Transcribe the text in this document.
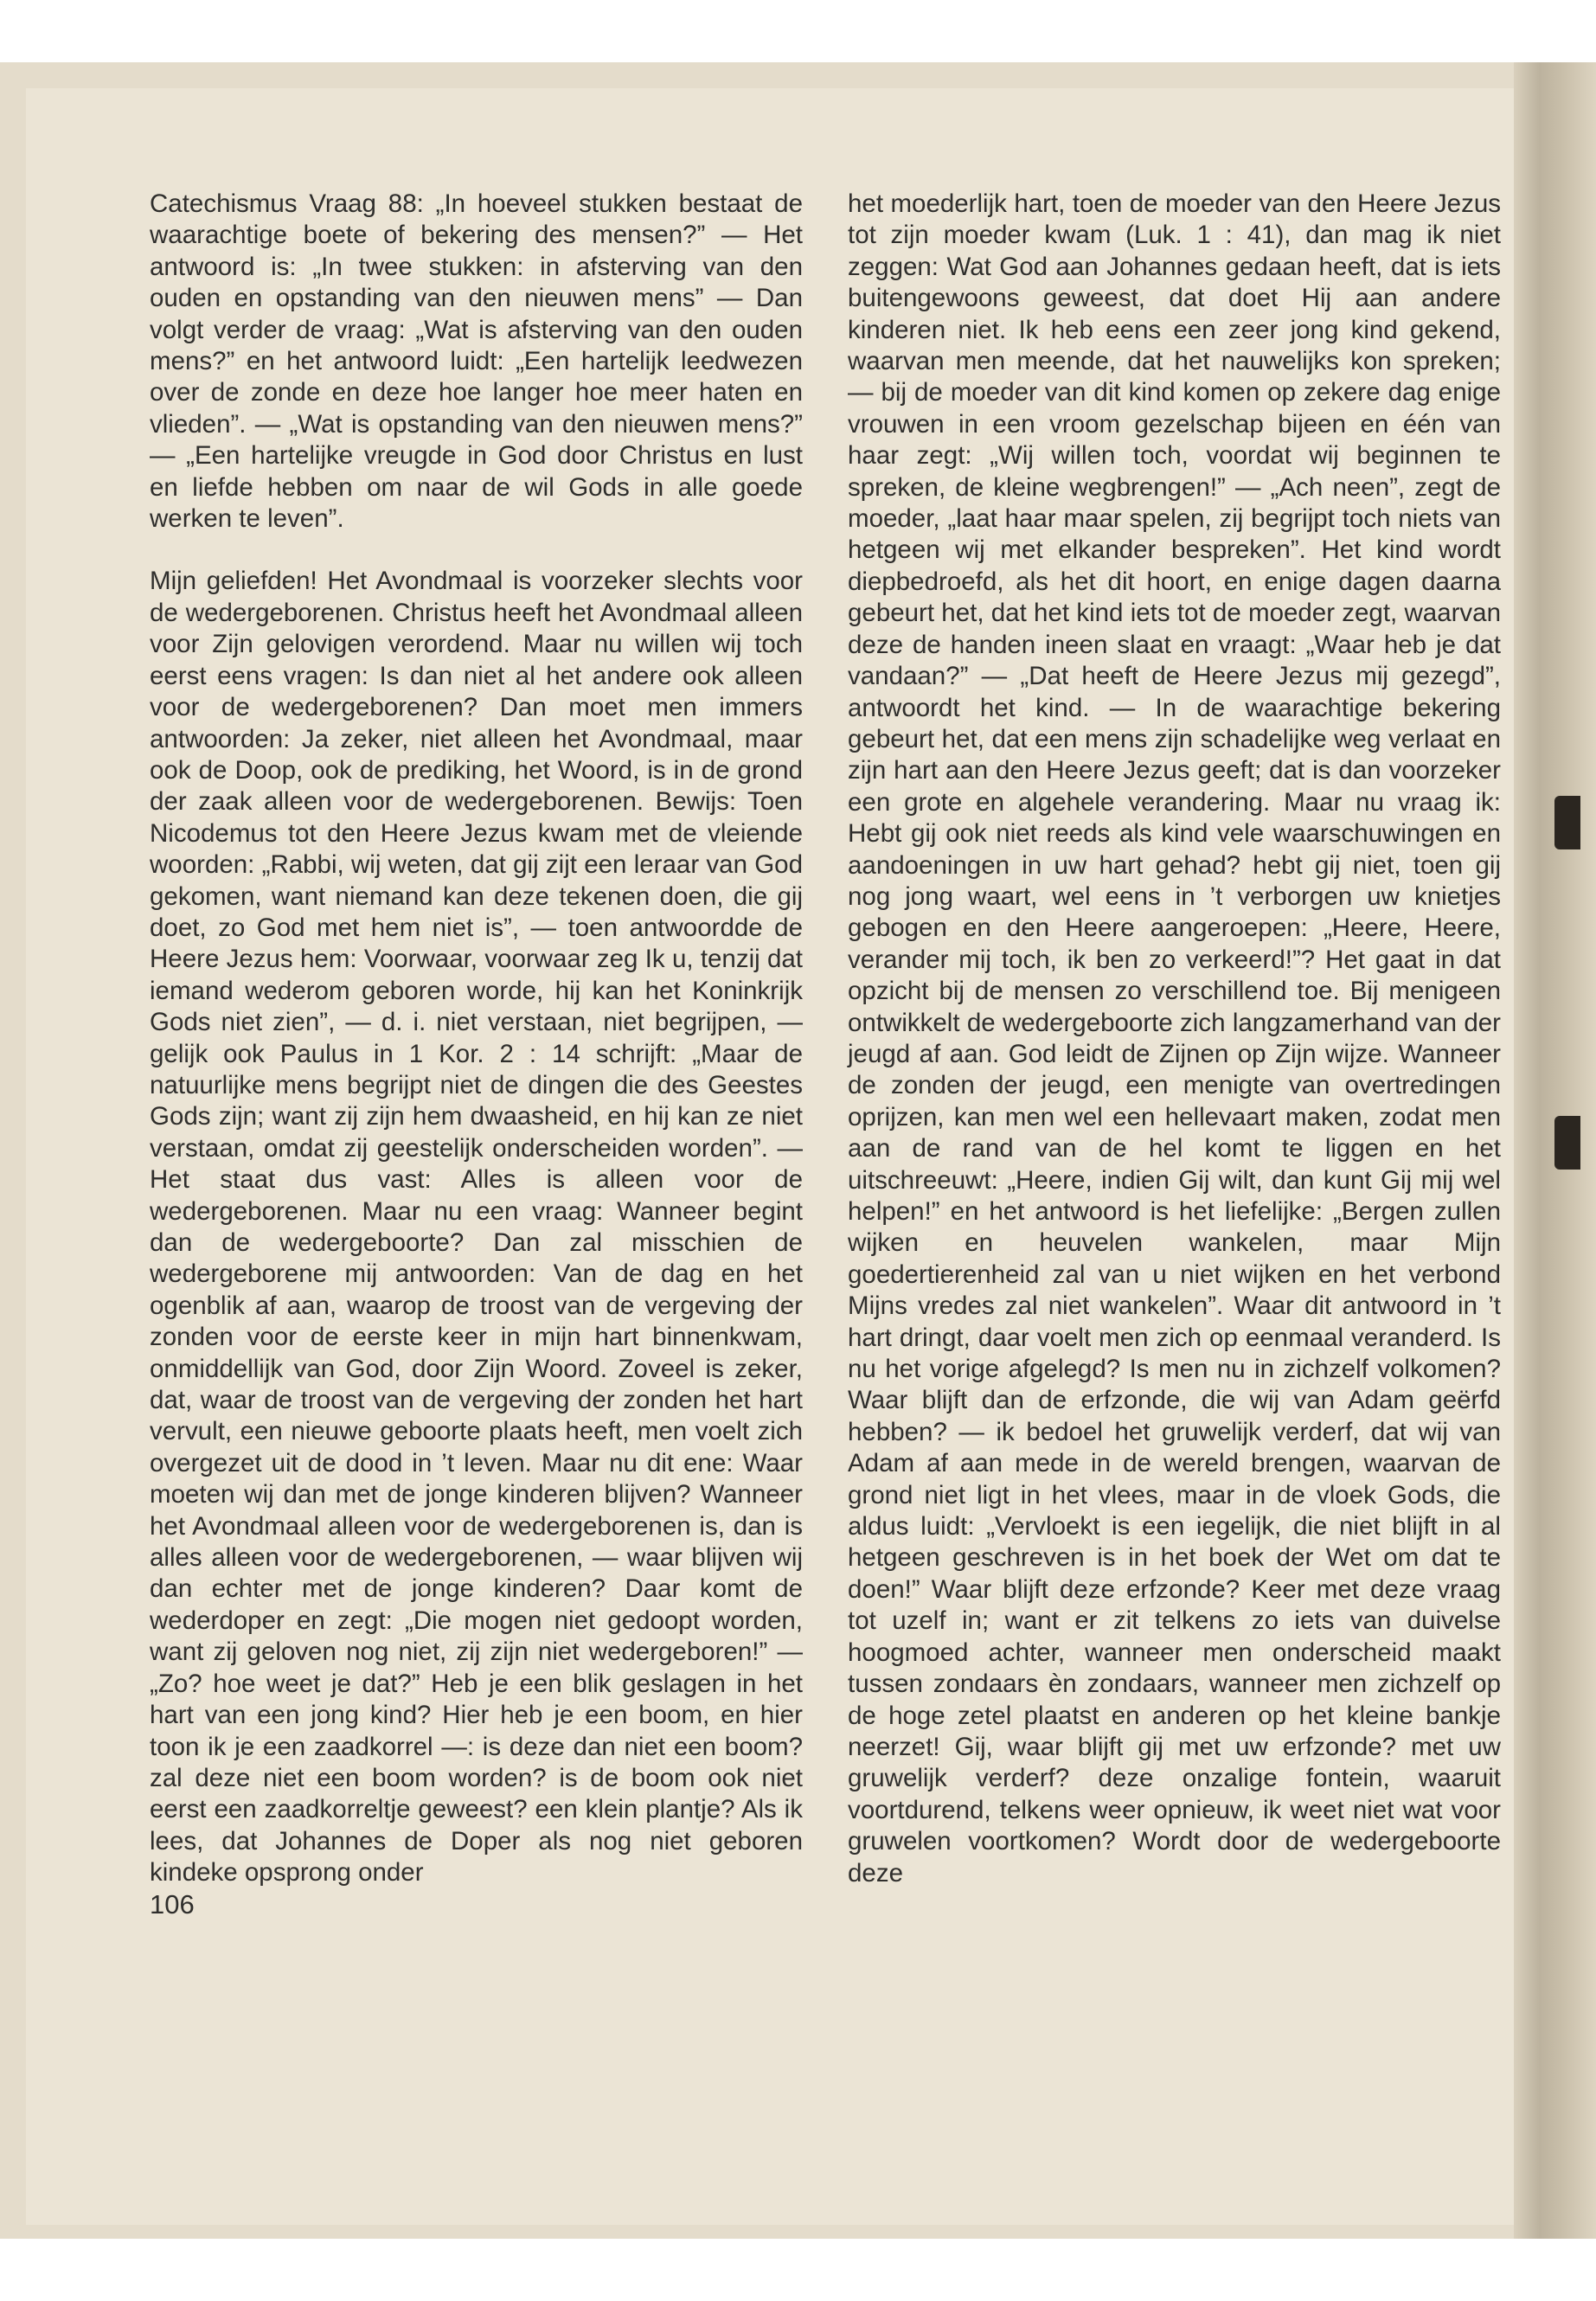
Catechismus Vraag 88: „In hoeveel stukken bestaat de waarachtige boete of bekering des mensen?” — Het antwoord is: „In twee stukken: in afsterving van den ouden en opstanding van den nieuwen mens” — Dan volgt verder de vraag: „Wat is afsterving van den ouden mens?” en het antwoord luidt: „Een hartelijk leedwezen over de zonde en deze hoe langer hoe meer haten en vlieden”. — „Wat is opstanding van den nieuwen mens?” — „Een hartelijke vreugde in God door Christus en lust en liefde hebben om naar de wil Gods in alle goede werken te leven”.

Mijn geliefden! Het Avondmaal is voorzeker slechts voor de wedergeborenen. Christus heeft het Avondmaal alleen voor Zijn gelovigen verordend. Maar nu willen wij toch eerst eens vragen: Is dan niet al het andere ook alleen voor de wedergeborenen? Dan moet men immers antwoorden: Ja zeker, niet alleen het Avondmaal, maar ook de Doop, ook de prediking, het Woord, is in de grond der zaak alleen voor de wedergeborenen. Bewijs: Toen Nicodemus tot den Heere Jezus kwam met de vleiende woorden: „Rabbi, wij weten, dat gij zijt een leraar van God gekomen, want niemand kan deze tekenen doen, die gij doet, zo God met hem niet is”, — toen antwoordde de Heere Jezus hem: Voorwaar, voorwaar zeg Ik u, tenzij dat iemand wederom geboren worde, hij kan het Koninkrijk Gods niet zien”, — d. i. niet verstaan, niet begrijpen, — gelijk ook Paulus in 1 Kor. 2 : 14 schrijft: „Maar de natuurlijke mens begrijpt niet de dingen die des Geestes Gods zijn; want zij zijn hem dwaasheid, en hij kan ze niet verstaan, omdat zij geestelijk onderscheiden worden”. — Het staat dus vast: Alles is alleen voor de wedergeborenen. Maar nu een vraag: Wanneer begint dan de wedergeboorte? Dan zal misschien de wedergeborene mij antwoorden: Van de dag en het ogenblik af aan, waarop de troost van de vergeving der zonden voor de eerste keer in mijn hart binnenkwam, onmiddellijk van God, door Zijn Woord. Zoveel is zeker, dat, waar de troost van de vergeving der zonden het hart vervult, een nieuwe geboorte plaats heeft, men voelt zich overgezet uit de dood in ’t leven. Maar nu dit ene: Waar moeten wij dan met de jonge kinderen blijven? Wanneer het Avondmaal alleen voor de wedergeborenen is, dan is alles alleen voor de wedergeborenen, — waar blijven wij dan echter met de jonge kinderen? Daar komt de wederdoper en zegt: „Die mogen niet gedoopt worden, want zij geloven nog niet, zij zijn niet wedergeboren!” — „Zo? hoe weet je dat?” Heb je een blik geslagen in het hart van een jong kind? Hier heb je een boom, en hier toon ik je een zaadkorrel —: is deze dan niet een boom? zal deze niet een boom worden? is de boom ook niet eerst een zaadkorreltje geweest? een klein plantje? Als ik lees, dat Johannes de Doper als nog niet geboren kindeke opsprong onder

106

het moederlijk hart, toen de moeder van den Heere Jezus tot zijn moeder kwam (Luk. 1 : 41), dan mag ik niet zeggen: Wat God aan Johannes gedaan heeft, dat is iets buitengewoons geweest, dat doet Hij aan andere kinderen niet. Ik heb eens een zeer jong kind gekend, waarvan men meende, dat het nauwelijks kon spreken; — bij de moeder van dit kind komen op zekere dag enige vrouwen in een vroom gezelschap bijeen en één van haar zegt: „Wij willen toch, voordat wij beginnen te spreken, de kleine wegbrengen!” — „Ach neen”, zegt de moeder, „laat haar maar spelen, zij begrijpt toch niets van hetgeen wij met elkander bespreken”. Het kind wordt diepbedroefd, als het dit hoort, en enige dagen daarna gebeurt het, dat het kind iets tot de moeder zegt, waarvan deze de handen ineen slaat en vraagt: „Waar heb je dat vandaan?” — „Dat heeft de Heere Jezus mij gezegd”, antwoordt het kind. — In de waarachtige bekering gebeurt het, dat een mens zijn schadelijke weg verlaat en zijn hart aan den Heere Jezus geeft; dat is dan voorzeker een grote en algehele verandering. Maar nu vraag ik: Hebt gij ook niet reeds als kind vele waarschuwingen en aandoeningen in uw hart gehad? hebt gij niet, toen gij nog jong waart, wel eens in ’t verborgen uw knietjes gebogen en den Heere aangeroepen: „Heere, Heere, verander mij toch, ik ben zo verkeerd!”? Het gaat in dat opzicht bij de mensen zo verschillend toe. Bij menigeen ontwikkelt de wedergeboorte zich langzamerhand van der jeugd af aan. God leidt de Zijnen op Zijn wijze. Wanneer de zonden der jeugd, een menigte van overtredingen oprijzen, kan men wel een hellevaart maken, zodat men aan de rand van de hel komt te liggen en het uitschreeuwt: „Heere, indien Gij wilt, dan kunt Gij mij wel helpen!” en het antwoord is het liefelijke: „Bergen zullen wijken en heuvelen wankelen, maar Mijn goedertierenheid zal van u niet wijken en het verbond Mijns vredes zal niet wankelen”. Waar dit antwoord in ’t hart dringt, daar voelt men zich op eenmaal veranderd. Is nu het vorige afgelegd? Is men nu in zichzelf volkomen? Waar blijft dan de erfzonde, die wij van Adam geërfd hebben? — ik bedoel het gruwelijk verderf, dat wij van Adam af aan mede in de wereld brengen, waarvan de grond niet ligt in het vlees, maar in de vloek Gods, die aldus luidt: „Vervloekt is een iegelijk, die niet blijft in al hetgeen geschreven is in het boek der Wet om dat te doen!” Waar blijft deze erfzonde? Keer met deze vraag tot uzelf in; want er zit telkens zo iets van duivelse hoogmoed achter, wanneer men onderscheid maakt tussen zondaars èn zondaars, wanneer men zichzelf op de hoge zetel plaatst en anderen op het kleine bankje neerzet! Gij, waar blijft gij met uw erfzonde? met uw gruwelijk verderf? deze onzalige fontein, waaruit voortdurend, telkens weer opnieuw, ik weet niet wat voor gruwelen voortkomen? Wordt door de wedergeboorte deze
